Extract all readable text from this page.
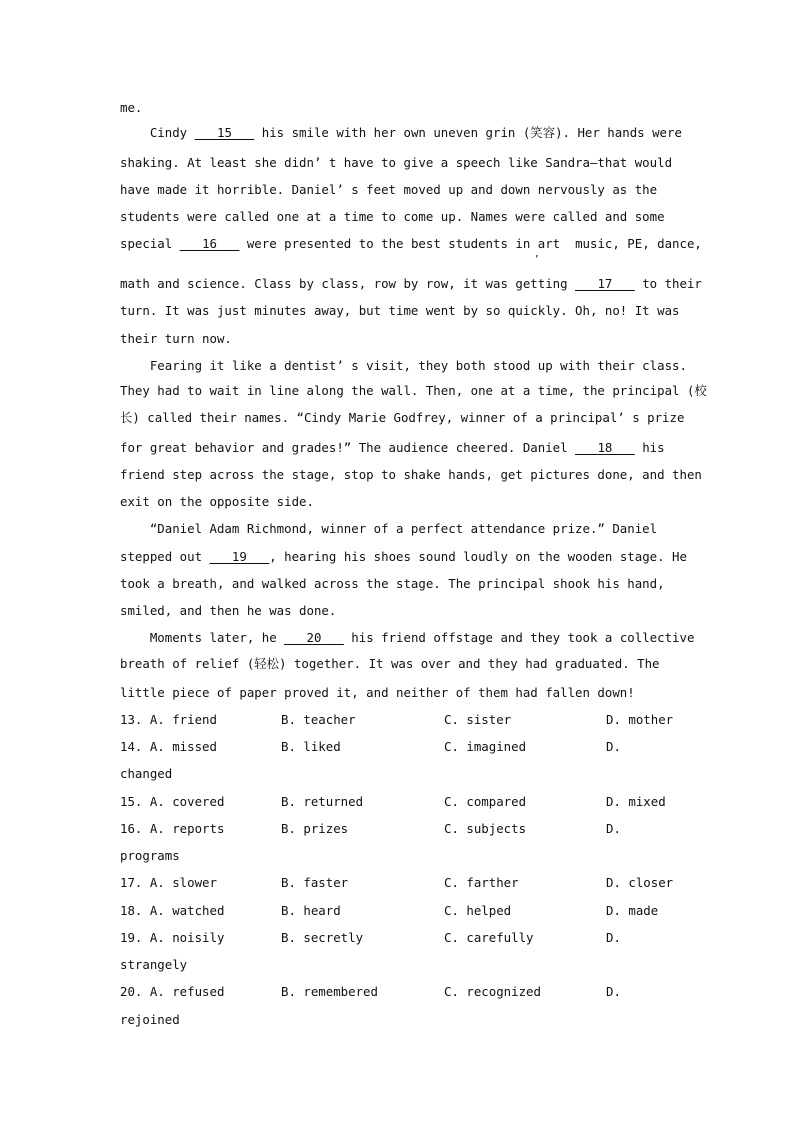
me.
Cindy ___15___ his smile with her own uneven grin (笑容). Her hands were
shaking. At least she didn’ t have to give a speech like Sandra—that would
have made it horrible. Daniel’ s feet moved up and down nervously as the
students were called one at a time to come up. Names were called and some
special ___16___ were presented to the best students in art  music, PE, dance,
’
math and science. Class by class, row by row, it was getting ___17___ to their
turn. It was just minutes away, but time went by so quickly. Oh, no! It was
their turn now.
Fearing it like a dentist’ s visit, they both stood up with their class.
They had to wait in line along the wall. Then, one at a time, the principal (校
长) called their names. “Cindy Marie Godfrey, winner of a principal’ s prize
for great behavior and grades!” The audience cheered. Daniel ___18___ his
friend step across the stage, stop to shake hands, get pictures done, and then
exit on the opposite side.
“Daniel Adam Richmond, winner of a perfect attendance prize.” Daniel
stepped out ___19___, hearing his shoes sound loudly on the wooden stage. He
took a breath, and walked across the stage. The principal shook his hand,
smiled, and then he was done.
Moments later, he ___20___ his friend offstage and they took a collective
breath of relief (轻松) together. It was over and they had graduated. The
little piece of paper proved it, and neither of them had fallen down!
13. A. friend	B. teacher	C. sister	D. mother
14. A. missed	B. liked	C. imagined	D.
changed
15. A. covered	B. returned	C. compared	D. mixed
16. A. reports	B. prizes	C. subjects	D.
programs
17. A. slower	B. faster	C. farther	D. closer
18. A. watched	B. heard	C. helped	D. made
19. A. noisily	B. secretly	C. carefully	D.
strangely
20. A. refused	B. remembered	C. recognized	D.
rejoined
